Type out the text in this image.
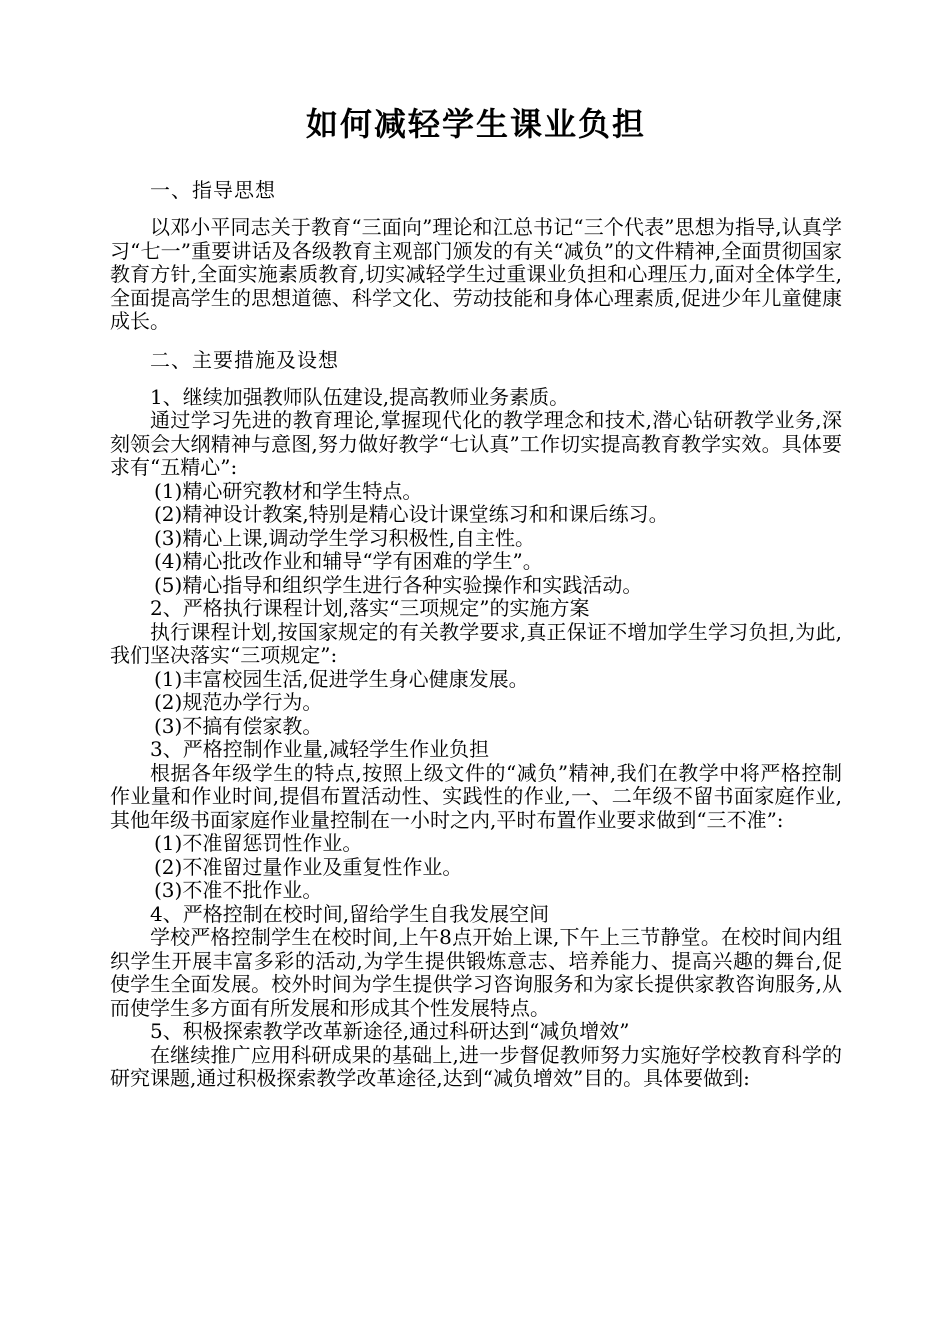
如何减轻学生课业负担
一、指导思想

以邓小平同志关于教育“三面向”理论和江总书记“三个代表”思想为指导,认真学习“七一”重要讲话及各级教育主观部门颁发的有关“减负”的文件精神,全面贯彻国家教育方针,全面实施素质教育,切实减轻学生过重课业负担和心理压力,面对全体学生,全面提高学生的思想道德、科学文化、劳动技能和身体心理素质,促进少年儿童健康成长。

二、主要措施及设想

1、继续加强教师队伍建设,提高教师业务素质。

通过学习先进的教育理论,掌握现代化的教学理念和技术,潜心钻研教学业务,深刻领会大纲精神与意图,努力做好教学“七认真”工作切实提高教育教学实效。具体要求有“五精心”:

(1)精心研究教材和学生特点。

(2)精神设计教案,特别是精心设计课堂练习和和课后练习。

(3)精心上课,调动学生学习积极性,自主性。

(4)精心批改作业和辅导“学有困难的学生”。

(5)精心指导和组织学生进行各种实验操作和实践活动。

2、严格执行课程计划,落实“三项规定”的实施方案

执行课程计划,按国家规定的有关教学要求,真正保证不增加学生学习负担,为此,我们坚决落实“三项规定”:

(1)丰富校园生活,促进学生身心健康发展。

(2)规范办学行为。

(3)不搞有偿家教。

3、严格控制作业量,减轻学生作业负担

根据各年级学生的特点,按照上级文件的“减负”精神,我们在教学中将严格控制作业量和作业时间,提倡布置活动性、实践性的作业,一、二年级不留书面家庭作业,其他年级书面家庭作业量控制在一小时之内,平时布置作业要求做到“三不准”:

(1)不准留惩罚性作业。

(2)不准留过量作业及重复性作业。

(3)不准不批作业。

4、严格控制在校时间,留给学生自我发展空间

学校严格控制学生在校时间,上午8点开始上课,下午上三节静堂。在校时间内组织学生开展丰富多彩的活动,为学生提供锻炼意志、培养能力、提高兴趣的舞台,促使学生全面发展。校外时间为学生提供学习咨询服务和为家长提供家教咨询服务,从而使学生多方面有所发展和形成其个性发展特点。

5、积极探索教学改革新途径,通过科研达到“减负增效”

在继续推广应用科研成果的基础上,进一步督促教师努力实施好学校教育科学的研究课题,通过积极探索教学改革途径,达到“减负增效”目的。具体要做到:
